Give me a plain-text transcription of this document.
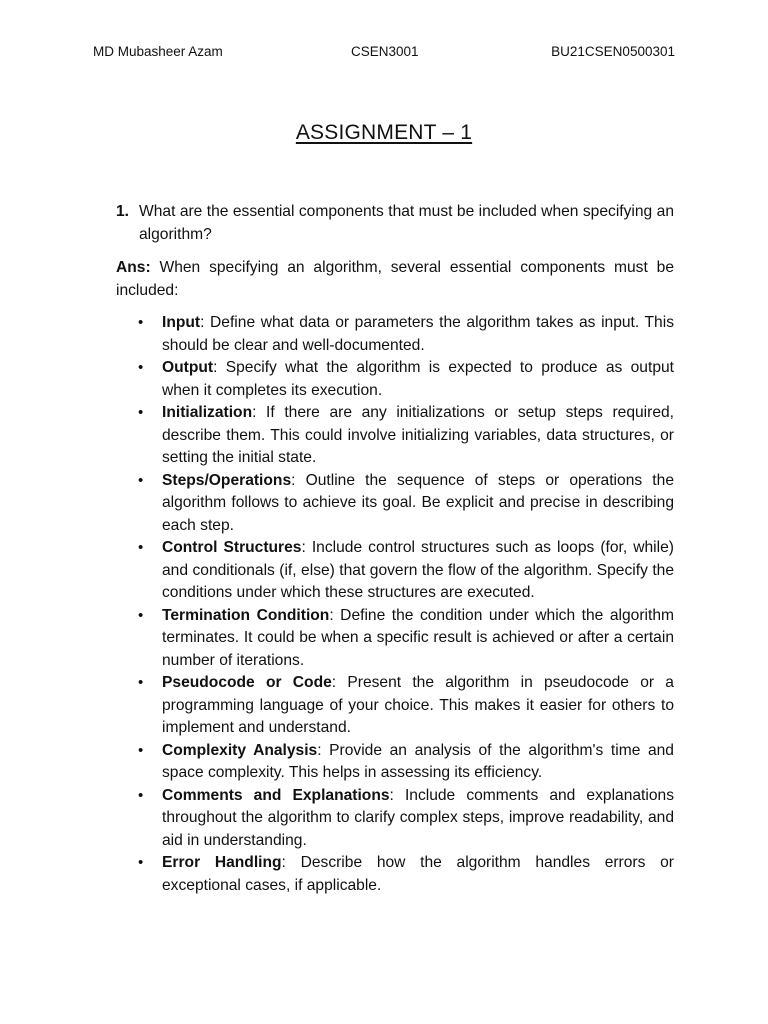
MD Mubasheer Azam	CSEN3001	BU21CSEN0500301
ASSIGNMENT – 1

1. What are the essential components that must be included when specifying an algorithm?

Ans: When specifying an algorithm, several essential components must be included:

• Input: Define what data or parameters the algorithm takes as input. This should be clear and well-documented.
• Output: Specify what the algorithm is expected to produce as output when it completes its execution.
• Initialization: If there are any initializations or setup steps required, describe them. This could involve initializing variables, data structures, or setting the initial state.
• Steps/Operations: Outline the sequence of steps or operations the algorithm follows to achieve its goal. Be explicit and precise in describing each step.
• Control Structures: Include control structures such as loops (for, while) and conditionals (if, else) that govern the flow of the algorithm. Specify the conditions under which these structures are executed.
• Termination Condition: Define the condition under which the algorithm terminates. It could be when a specific result is achieved or after a certain number of iterations.
• Pseudocode or Code: Present the algorithm in pseudocode or a programming language of your choice. This makes it easier for others to implement and understand.
• Complexity Analysis: Provide an analysis of the algorithm's time and space complexity. This helps in assessing its efficiency.
• Comments and Explanations: Include comments and explanations throughout the algorithm to clarify complex steps, improve readability, and aid in understanding.
• Error Handling: Describe how the algorithm handles errors or exceptional cases, if applicable.
